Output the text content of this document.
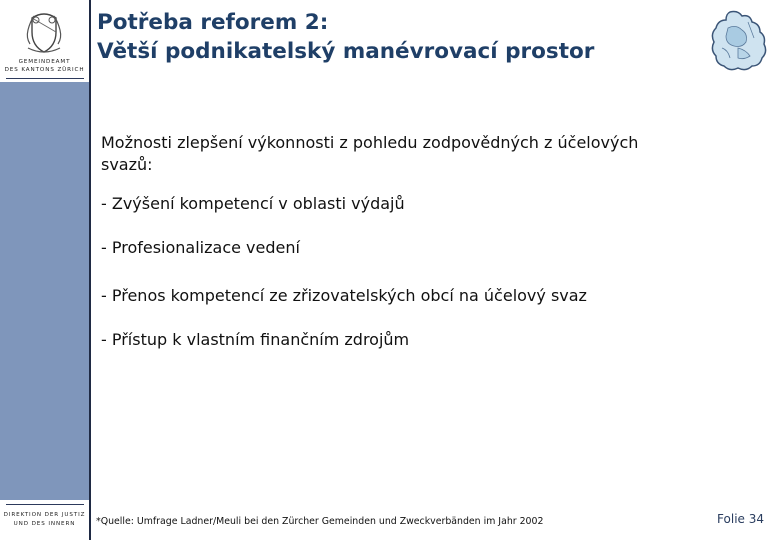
GEMEINDEAMT
DES KANTONS ZÜRICH
DIREKTION DER JUSTIZ
UND DES INNERN
Potřeba reforem 2:
Větší podnikatelský manévrovací prostor

Možnosti zlepšení výkonnosti z pohledu zodpovědných z účelových
svazů:

- Zvýšení kompetencí v oblasti výdajů
- Profesionalizace vedení
- Přenos kompetencí ze zřizovatelských obcí na účelový svaz
- Přístup k vlastním finančním zdrojům
*Quelle: Umfrage Ladner/Meuli bei den Zürcher Gemeinden und Zweckverbänden im Jahr 2002	Folie 34
